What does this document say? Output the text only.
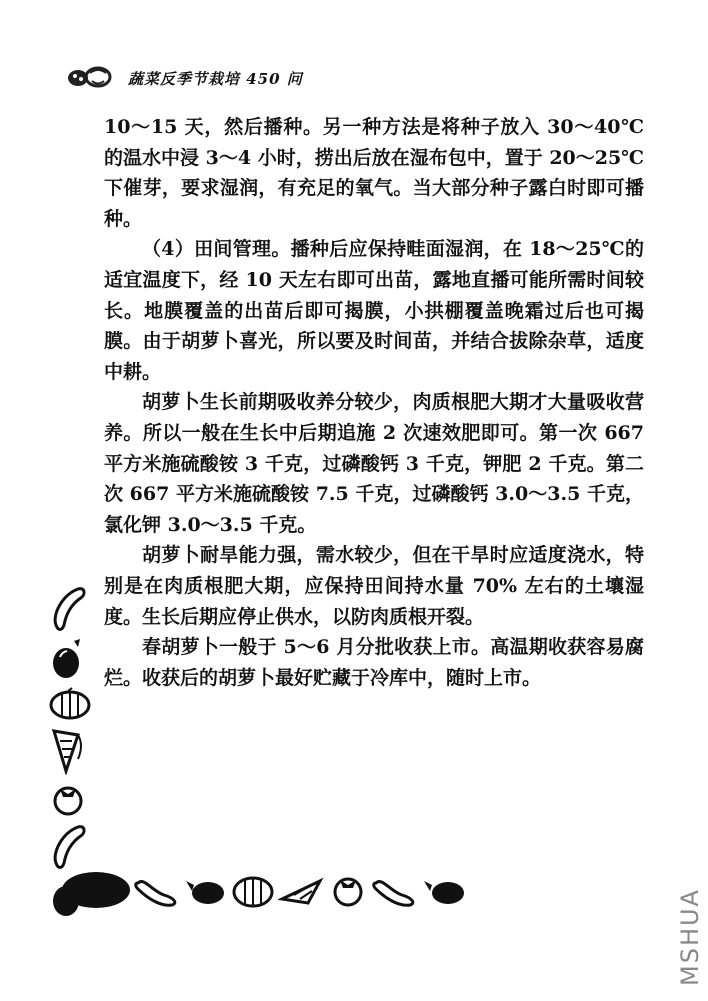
蔬菜反季节栽培 450 问

10～15 天，然后播种。另一种方法是将种子放入 30～40℃的温水中浸 3～4 小时，捞出后放在湿布包中，置于 20～25℃下催芽，要求湿润，有充足的氧气。当大部分种子露白时即可播种。

（4）田间管理。播种后应保持畦面湿润，在 18～25℃的适宜温度下，经 10 天左右即可出苗，露地直播可能所需时间较长。地膜覆盖的出苗后即可揭膜，小拱棚覆盖晚霜过后也可揭膜。由于胡萝卜喜光，所以要及时间苗，并结合拔除杂草，适度中耕。

胡萝卜生长前期吸收养分较少，肉质根肥大期才大量吸收营养。所以一般在生长中后期追施 2 次速效肥即可。第一次 667 平方米施硫酸铵 3 千克，过磷酸钙 3 千克，钾肥 2 千克。第二次 667 平方米施硫酸铵 7.5 千克，过磷酸钙 3.0～3.5 千克，氯化钾 3.0～3.5 千克。

胡萝卜耐旱能力强，需水较少，但在干旱时应适度浇水，特别是在肉质根肥大期，应保持田间持水量 70% 左右的土壤湿度。生长后期应停止供水，以防肉质根开裂。

春胡萝卜一般于 5～6 月分批收获上市。高温期收获容易腐烂。收获后的胡萝卜最好贮藏于冷库中，随时上市。

MSHUA
